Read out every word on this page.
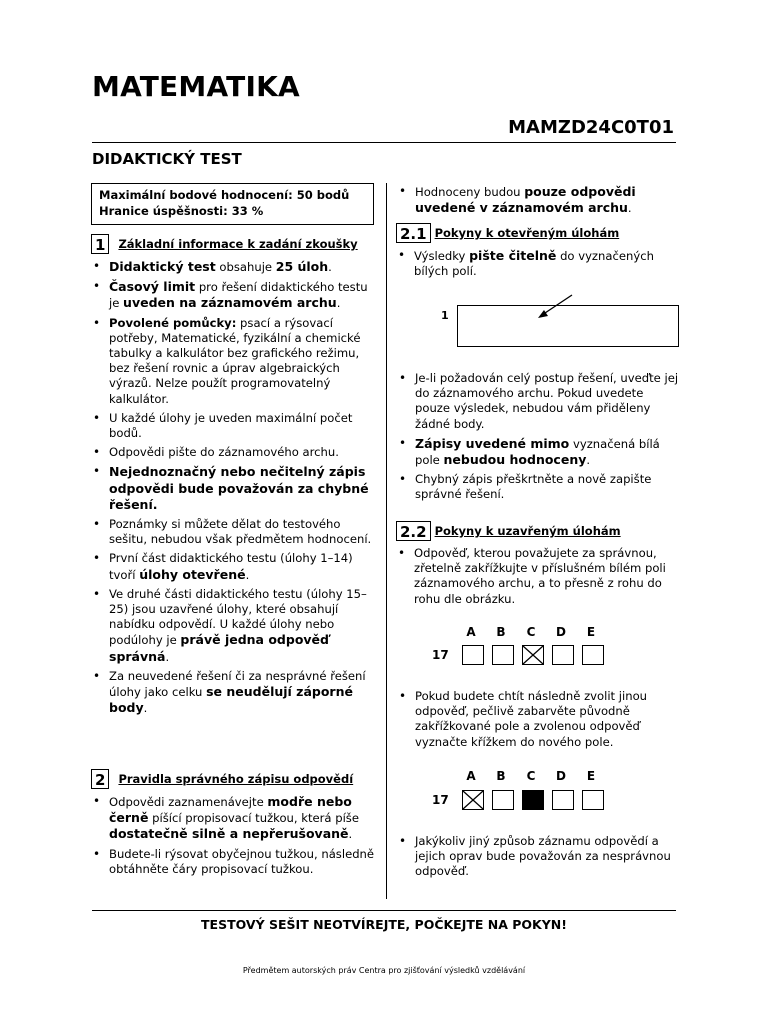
MATEMATIKA
MAMZD24C0T01
DIDAKTICKÝ TEST
Maximální bodové hodnocení: 50 bodů
Hranice úspěšnosti: 33 %
1	Základní informace k zadání zkoušky
• Didaktický test obsahuje 25 úloh.
• Časový limit pro řešení didaktického testu je uveden na záznamovém archu.
• Povolené pomůcky: psací a rýsovací potřeby, Matematické, fyzikální a chemické tabulky a kalkulátor bez grafického režimu, bez řešení rovnic a úprav algebraických výrazů. Nelze použít programovatelný kalkulátor.
• U každé úlohy je uveden maximální počet bodů.
• Odpovědi pište do záznamového archu.
• Nejednoznačný nebo nečitelný zápis odpovědi bude považován za chybné řešení.
• Poznámky si můžete dělat do testového sešitu, nebudou však předmětem hodnocení.
• První část didaktického testu (úlohy 1–14) tvoří úlohy otevřené.
• Ve druhé části didaktického testu (úlohy 15–25) jsou uzavřené úlohy, které obsahují nabídku odpovědí. U každé úlohy nebo podúlohy je právě jedna odpověď správná.
• Za neuvedené řešení či za nesprávné řešení úlohy jako celku se neudělují záporné body.
2	Pravidla správného zápisu odpovědí
• Odpovědi zaznamenávejte modře nebo černě píšící propisovací tužkou, která píše dostatečně silně a nepřerušovaně.
• Budete-li rýsovat obyčejnou tužkou, následně obtáhněte čáry propisovací tužkou.
• Hodnoceny budou pouze odpovědi uvedené v záznamovém archu.
2.1 Pokyny k otevřeným úlohám
• Výsledky pište čitelně do vyznačených bílých polí.
1
• Je-li požadován celý postup řešení, uveďte jej do záznamového archu. Pokud uvedete pouze výsledek, nebudou vám přiděleny žádné body.
• Zápisy uvedené mimo vyznačená bílá pole nebudou hodnoceny.
• Chybný zápis přeškrtněte a nově zapište správné řešení.
2.2 Pokyny k uzavřeným úlohám
• Odpověď, kterou považujete za správnou, zřetelně zakřížkujte v příslušném bílém poli záznamového archu, a to přesně z rohu do rohu dle obrázku.
A	B	C	D	E
17
• Pokud budete chtít následně zvolit jinou odpověď, pečlivě zabarvěte původně zakřížkované pole a zvolenou odpověď vyznačte křížkem do nového pole.
A	B	C	D	E
17
• Jakýkoliv jiný způsob záznamu odpovědí a jejich oprav bude považován za nesprávnou odpověď.
TESTOVÝ SEŠIT NEOTVÍREJTE, POČKEJTE NA POKYN!
Předmětem autorských práv Centra pro zjišťování výsledků vzdělávání
